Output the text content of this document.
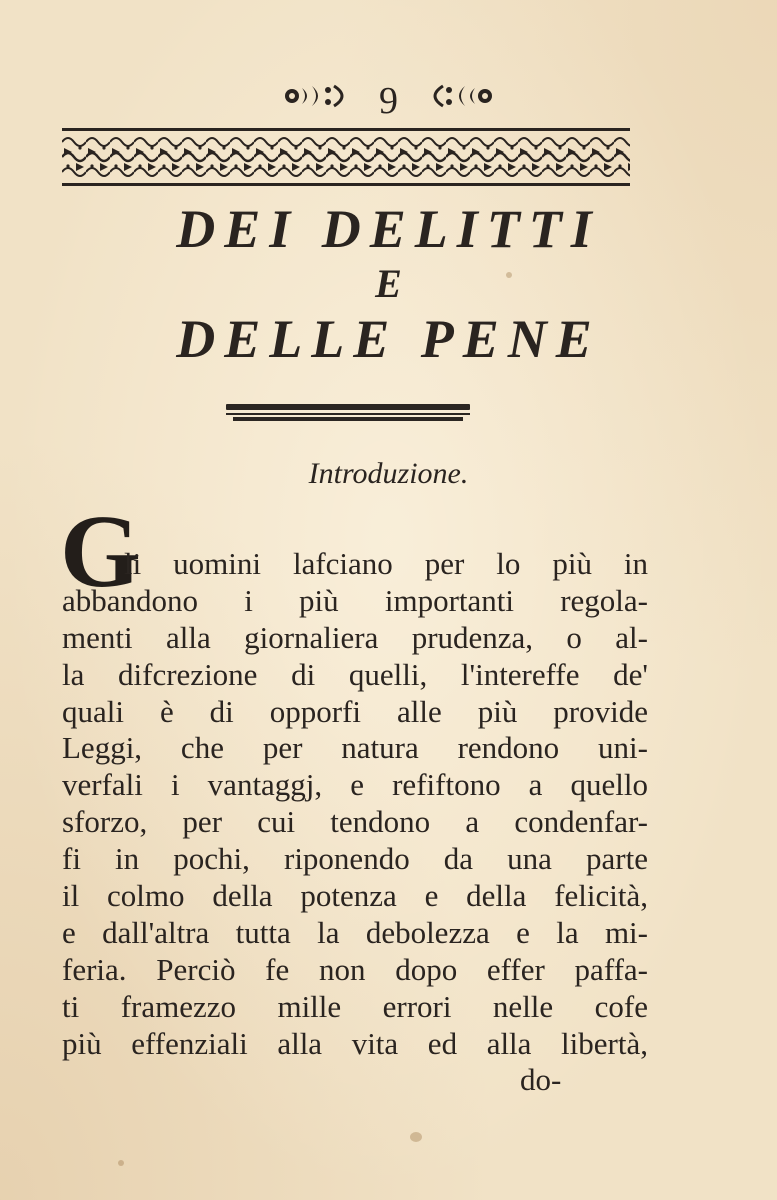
9
DEI DELITTI
E
DELLE PENE
Introduzione.
G
li uomini lafciano per lo più in
abbandono i più importanti regola-
menti alla giornaliera prudenza, o al-
la difcrezione di quelli, l'intereffe de'
quali è di opporfi alle più provide
Leggi, che per natura rendono uni-
verfali i vantaggj, e refiftono a quello
sforzo, per cui tendono a condenfar-
fi in pochi, riponendo da una parte
il colmo della potenza e della felicità,
e dall'altra tutta la debolezza e la mi-
feria. Perciò fe non dopo effer paffa-
ti framezzo mille errori nelle cofe
più effenziali alla vita ed alla libertà,
do-
